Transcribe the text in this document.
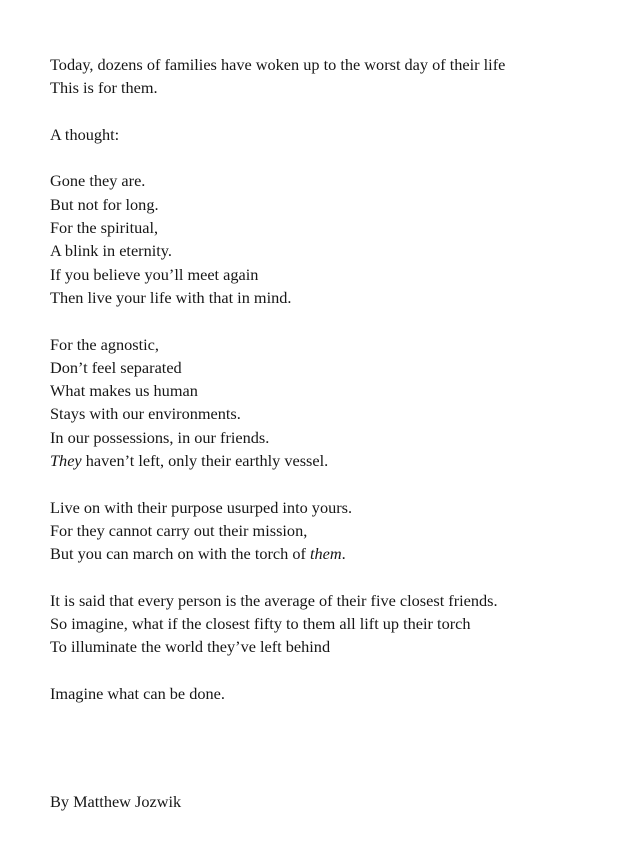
Today, dozens of families have woken up to the worst day of their life
This is for them.
A thought:
Gone they are.
But not for long.
For the spiritual,
A blink in eternity.
If you believe you’ll meet again
Then live your life with that in mind.
For the agnostic,
Don’t feel separated
What makes us human
Stays with our environments.
In our possessions, in our friends.
They haven’t left, only their earthly vessel.
Live on with their purpose usurped into yours.
For they cannot carry out their mission,
But you can march on with the torch of them.
It is said that every person is the average of their five closest friends.
So imagine, what if the closest fifty to them all lift up their torch
To illuminate the world they’ve left behind
Imagine what can be done.
By Matthew Jozwik
